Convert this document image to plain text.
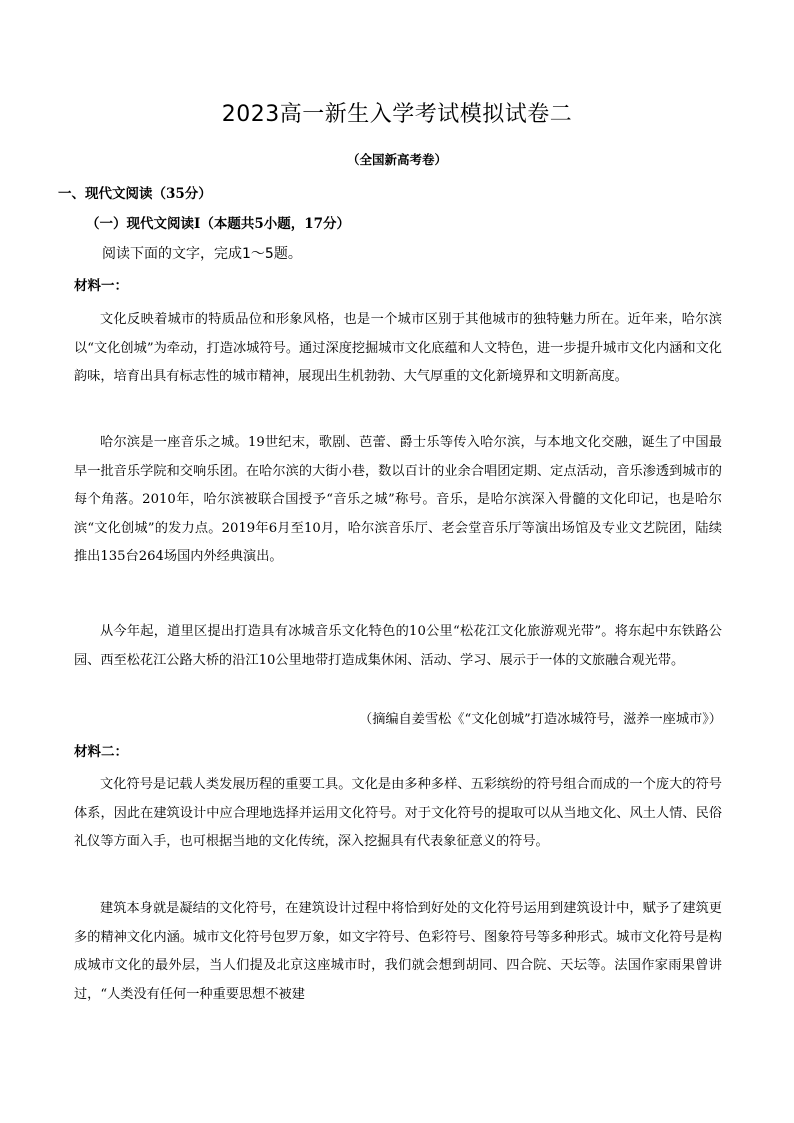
2023高一新生入学考试模拟试卷二
（全国新高考卷）
一、现代文阅读（35分）
（一）现代文阅读Ⅰ（本题共5小题，17分）
阅读下面的文字，完成1～5题。
材料一：

文化反映着城市的特质品位和形象风格，也是一个城市区别于其他城市的独特魅力所在。近年来，哈尔滨以“文化创城”为牵动，打造冰城符号。通过深度挖掘城市文化底蕴和人文特色，进一步提升城市文化内涵和文化韵味，培育出具有标志性的城市精神，展现出生机勃勃、大气厚重的文化新境界和文明新高度。

哈尔滨是一座音乐之城。19世纪末，歌剧、芭蕾、爵士乐等传入哈尔滨，与本地文化交融，诞生了中国最早一批音乐学院和交响乐团。在哈尔滨的大街小巷，数以百计的业余合唱团定期、定点活动，音乐渗透到城市的每个角落。2010年，哈尔滨被联合国授予“音乐之城”称号。音乐，是哈尔滨深入骨髓的文化印记，也是哈尔滨“文化创城”的发力点。2019年6月至10月，哈尔滨音乐厅、老会堂音乐厅等演出场馆及专业文艺院团，陆续推出135台264场国内外经典演出。

从今年起，道里区提出打造具有冰城音乐文化特色的10公里“松花江文化旅游观光带”。将东起中东铁路公园、西至松花江公路大桥的沿江10公里地带打造成集休闲、活动、学习、展示于一体的文旅融合观光带。

（摘编自姜雪松《“文化创城”打造冰城符号，滋养一座城市》）
材料二：

文化符号是记载人类发展历程的重要工具。文化是由多种多样、五彩缤纷的符号组合而成的一个庞大的符号体系，因此在建筑设计中应合理地选择并运用文化符号。对于文化符号的提取可以从当地文化、风土人情、民俗礼仪等方面入手，也可根据当地的文化传统，深入挖掘具有代表象征意义的符号。

建筑本身就是凝结的文化符号，在建筑设计过程中将恰到好处的文化符号运用到建筑设计中，赋予了建筑更多的精神文化内涵。城市文化符号包罗万象，如文字符号、色彩符号、图象符号等多种形式。城市文化符号是构成城市文化的最外层，当人们提及北京这座城市时，我们就会想到胡同、四合院、天坛等。法国作家雨果曾讲过，“人类没有任何一种重要思想不被建
